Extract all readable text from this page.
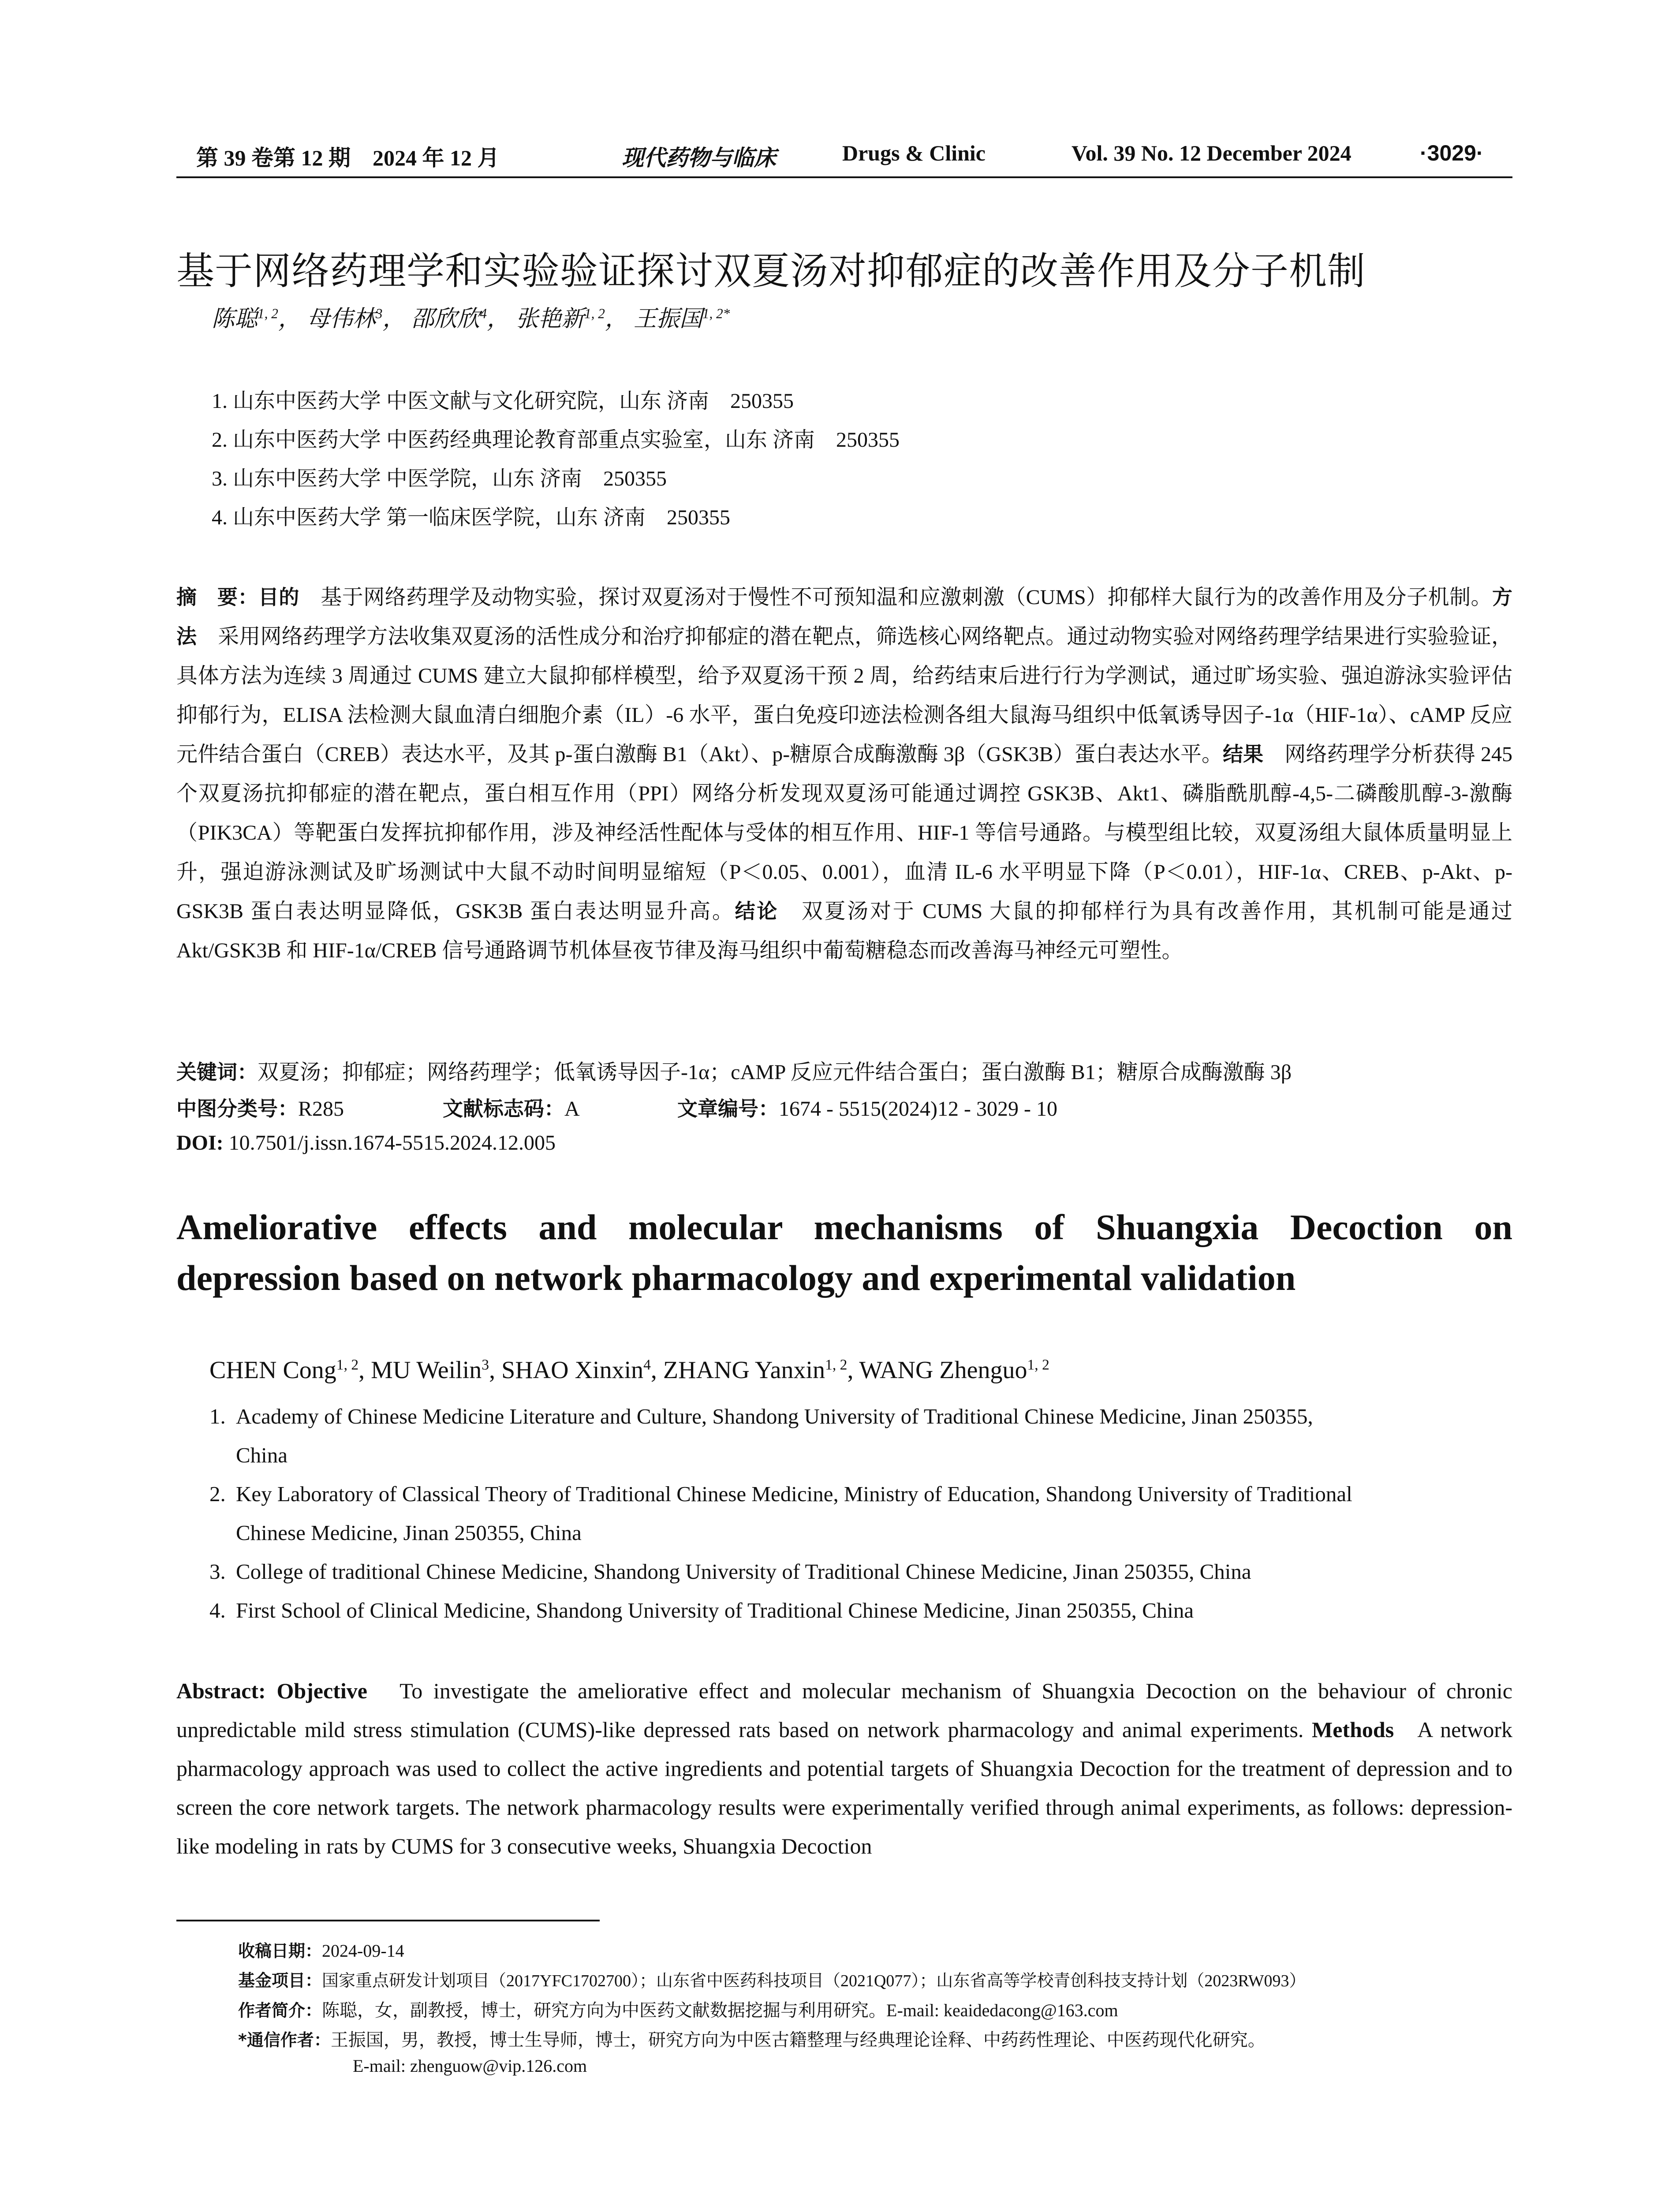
第 39 卷第 12 期　2024 年 12 月	现代药物与临床	Drugs & Clinic	Vol. 39 No. 12 December 2024	·3029·
基于网络药理学和实验验证探讨双夏汤对抑郁症的改善作用及分子机制
陈聪$^{1, 2}$， 母伟林$^3$， 邵欣欣$^4$， 张艳新$^{1, 2}$， 王振国$^{1, 2*}$
1. 山东中医药大学 中医文献与文化研究院，山东 济南　250355
2. 山东中医药大学 中医药经典理论教育部重点实验室，山东 济南　250355
3. 山东中医药大学 中医学院，山东 济南　250355
4. 山东中医药大学 第一临床医学院，山东 济南　250355
摘　要：目的　 基于网络药理学及动物实验，探讨双夏汤对于慢性不可预知温和应激刺激（CUMS）抑郁样大鼠行为的改善作用及分子机制。方法　 采用网络药理学方法收集双夏汤的活性成分和治疗抑郁症的潜在靶点，筛选核心网络靶点。通过动物实验对网络药理学结果进行实验验证，具体方法为连续 3 周通过 CUMS 建立大鼠抑郁样模型，给予双夏汤干预 2 周，给药结束后进行行为学测试，通过旷场实验、强迫游泳实验评估抑郁行为，ELISA 法检测大鼠血清白细胞介素（IL）-6 水平，蛋白免疫印迹法检测各组大鼠海马组织中低氧诱导因子-1α（HIF-1α）、cAMP 反应元件结合蛋白（CREB）表达水平，及其 p-蛋白激酶 B1（Akt）、p-糖原合成酶激酶 3β（GSK3B）蛋白表达水平。结果　 网络药理学分析获得 245 个双夏汤抗抑郁症的潜在靶点，蛋白相互作用（PPI）网络分析发现双夏汤可能通过调控 GSK3B、Akt1、磷脂酰肌醇-4,5-二磷酸肌醇-3-激酶（PIK3CA）等靶蛋白发挥抗抑郁作用，涉及神经活性配体与受体的相互作用、HIF-1 等信号通路。与模型组比较，双夏汤组大鼠体质量明显上升，强迫游泳测试及旷场测试中大鼠不动时间明显缩短（P＜0.05、0.001），血清 IL-6 水平明显下降（P＜0.01），HIF-1α、CREB、p-Akt、p-GSK3B 蛋白表达明显降低，GSK3B 蛋白表达明显升高。结论　 双夏汤对于 CUMS 大鼠的抑郁样行为具有改善作用，其机制可能是通过 Akt/GSK3B 和 HIF-1α/CREB 信号通路调节机体昼夜节律及海马组织中葡萄糖稳态而改善海马神经元可塑性。
关键词：双夏汤；抑郁症；网络药理学；低氧诱导因子-1α；cAMP 反应元件结合蛋白；蛋白激酶 B1；糖原合成酶激酶 3β
中图分类号：R285	文献标志码：A	文章编号：1674 - 5515(2024)12 - 3029 - 10
DOI: 10.7501/j.issn.1674-5515.2024.12.005
Ameliorative effects and molecular mechanisms of Shuangxia Decoction on
depression based on network pharmacology and experimental validation
CHEN Cong$^{1, 2}$, MU Weilin$^3$, SHAO Xinxin$^4$, ZHANG Yanxin$^{1, 2}$, WANG Zhenguo$^{1, 2}$
1. Academy of Chinese Medicine Literature and Culture, Shandong University of Traditional Chinese Medicine, Jinan 250355,
China
2. Key Laboratory of Classical Theory of Traditional Chinese Medicine, Ministry of Education, Shandong University of Traditional
Chinese Medicine, Jinan 250355, China
3. College of traditional Chinese Medicine, Shandong University of Traditional Chinese Medicine, Jinan 250355, China
4. First School of Clinical Medicine, Shandong University of Traditional Chinese Medicine, Jinan 250355, China
Abstract: Objective To investigate the ameliorative effect and molecular mechanism of Shuangxia Decoction on the behaviour of chronic unpredictable mild stress stimulation (CUMS)-like depressed rats based on network pharmacology and animal experiments. Methods A network pharmacology approach was used to collect the active ingredients and potential targets of Shuangxia Decoction for the treatment of depression and to screen the core network targets. The network pharmacology results were experimentally verified through animal experiments, as follows: depression-like modeling in rats by CUMS for 3 consecutive weeks, Shuangxia Decoction
收稿日期：2024-09-14
基金项目：国家重点研发计划项目（2017YFC1702700）；山东省中医药科技项目（2021Q077）；山东省高等学校青创科技支持计划（2023RW093）
作者简介：陈聪，女，副教授，博士，研究方向为中医药文献数据挖掘与利用研究。E-mail: keaidedacong@163.com
*通信作者：王振国，男，教授，博士生导师，博士，研究方向为中医古籍整理与经典理论诠释、中药药性理论、中医药现代化研究。
E-mail: zhenguow@vip.126.com
